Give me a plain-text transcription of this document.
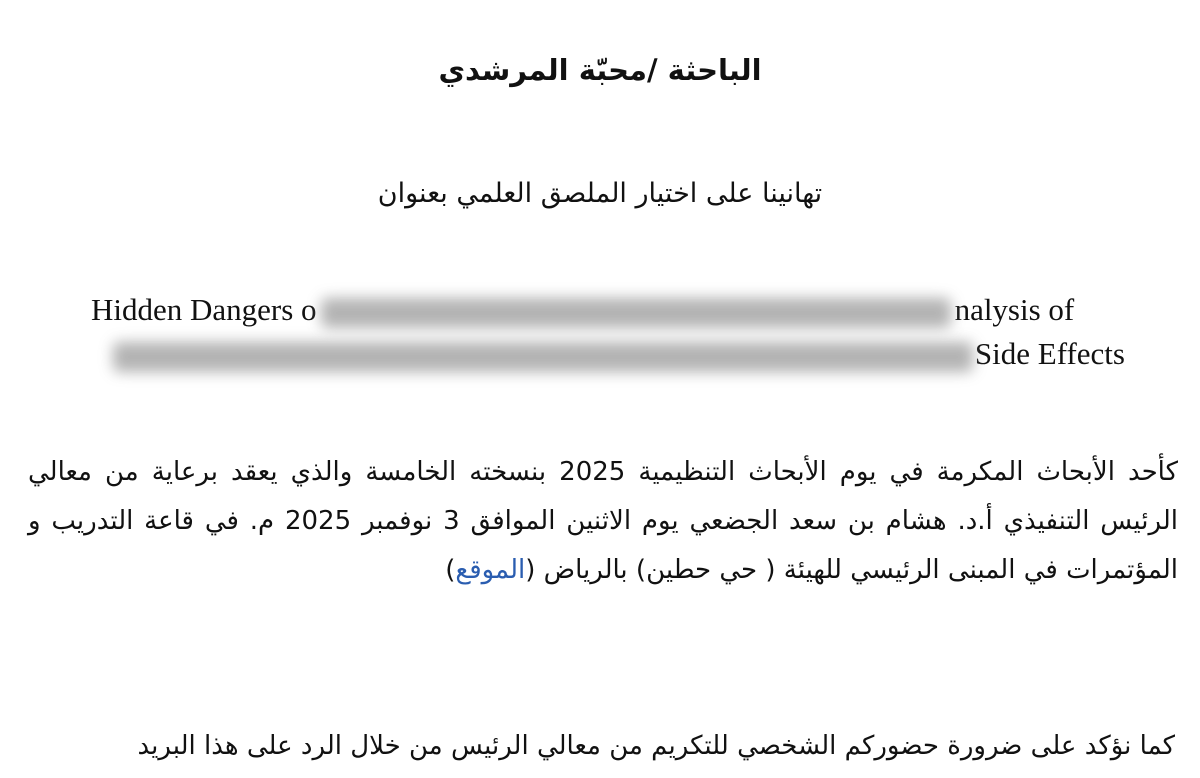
الباحثة /محبّة المرشدي
تهانينا على اختيار الملصق العلمي بعنوان
Hidden Dangers o	nalysis of
Side Effects
كأحد الأبحاث المكرمة في يوم الأبحاث التنظيمية 2025 بنسخته الخامسة والذي يعقد برعاية من معالي الرئيس التنفيذي أ.د. هشام بن سعد الجضعي يوم الاثنين الموافق 3 نوفمبر 2025 م. في قاعة التدريب و المؤتمرات في المبنى الرئيسي للهيئة ( حي حطين) بالرياض (الموقع)
كما نؤكد على ضرورة حضوركم الشخصي للتكريم من معالي الرئيس من خلال الرد على هذا البريد
